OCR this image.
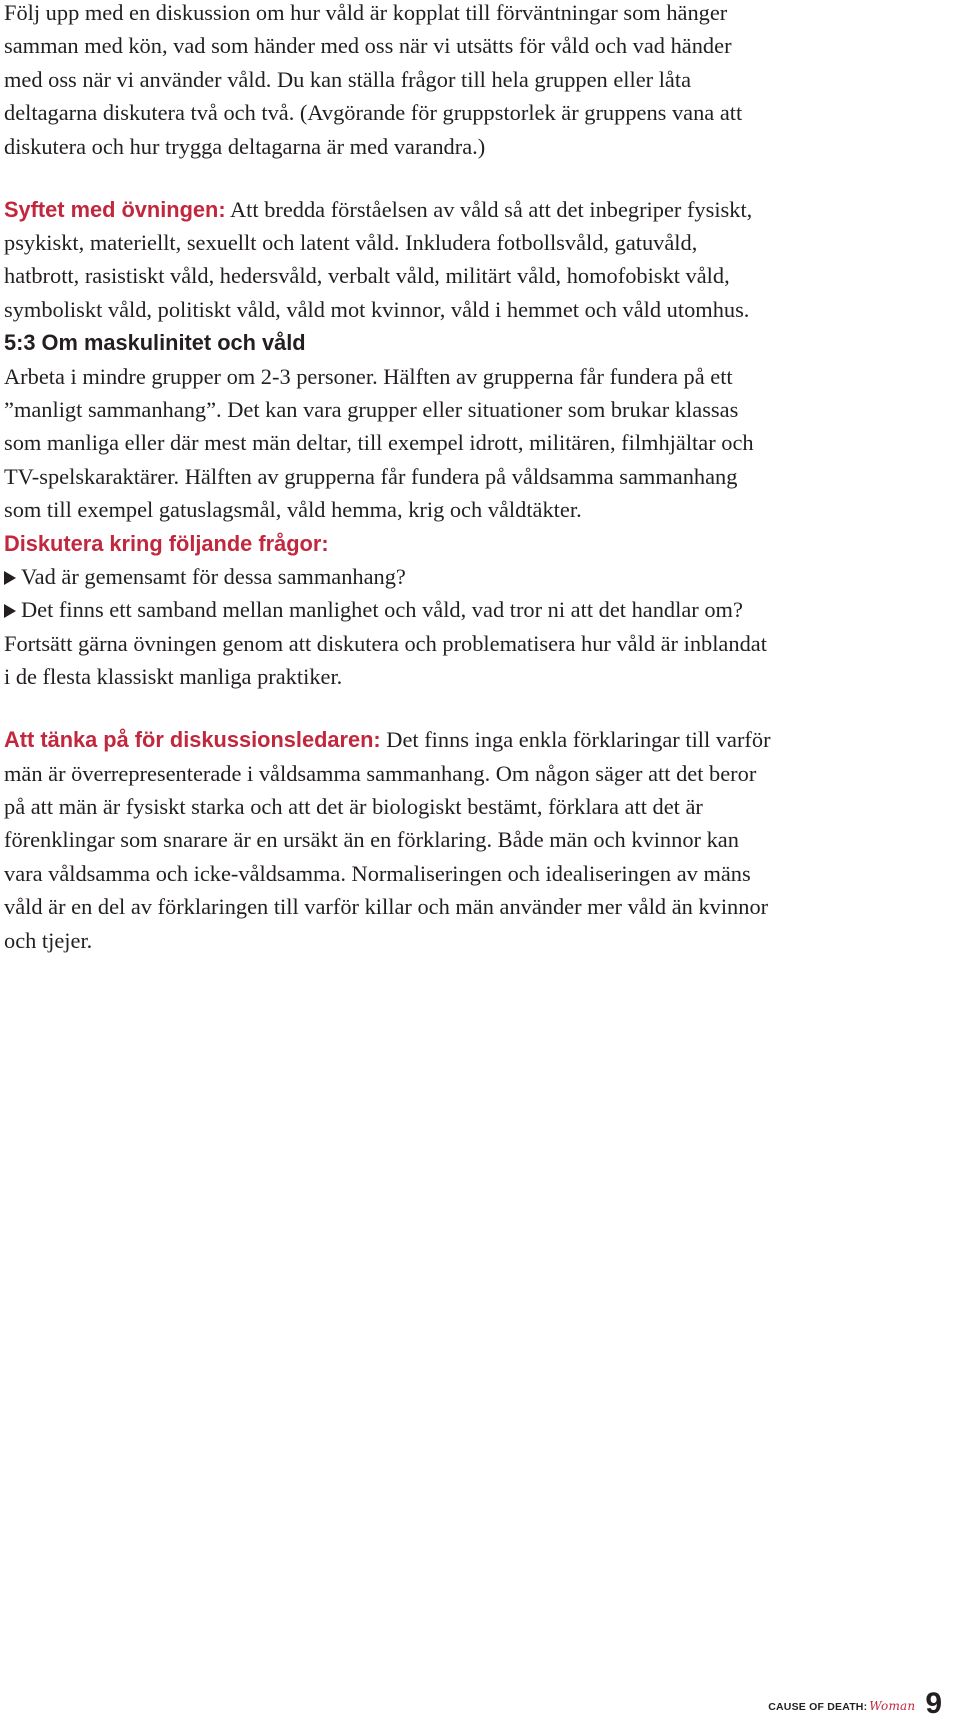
Följ upp med en diskussion om hur våld är kopplat till förväntningar som hänger samman med kön, vad som händer med oss när vi utsätts för våld och vad händer med oss när vi använder våld. Du kan ställa frågor till hela gruppen eller låta deltagarna diskutera två och två. (Avgörande för gruppstorlek är gruppens vana att diskutera och hur trygga deltagarna är med varandra.)

Syftet med övningen: Att bredda förståelsen av våld så att det inbegriper fysiskt, psykiskt, materiellt, sexuellt och latent våld. Inkludera fotbollsvåld, gatuvåld, hatbrott, rasistiskt våld, hedersvåld, verbalt våld, militärt våld, homofobiskt våld, symboliskt våld, politiskt våld, våld mot kvinnor, våld i hemmet och våld utomhus.

5:3 Om maskulinitet och våld

Arbeta i mindre grupper om 2-3 personer. Hälften av grupperna får fundera på ett ”manligt sammanhang”. Det kan vara grupper eller situationer som brukar klassas som manliga eller där mest män deltar, till exempel idrott, militären, filmhjältar och TV-spelskaraktärer. Hälften av grupperna får fundera på våldsamma sammanhang som till exempel gatuslagsmål, våld hemma, krig och våldtäkter.

Diskutera kring följande frågor:

Vad är gemensamt för dessa sammanhang?

Det finns ett samband mellan manlighet och våld, vad tror ni att det handlar om?

Fortsätt gärna övningen genom att diskutera och problematisera hur våld är inblandat i de flesta klassiskt manliga praktiker.

Att tänka på för diskussionsledaren: Det finns inga enkla förklaringar till varför män är överrepresenterade i våldsamma sammanhang. Om någon säger att det beror på att män är fysiskt starka och att det är biologiskt bestämt, förklara att det är förenklingar som snarare är en ursäkt än en förklaring. Både män och kvinnor kan vara våldsamma och icke-våldsamma. Normaliseringen och idealiseringen av mäns våld är en del av förklaringen till varför killar och män använder mer våld än kvinnor och tjejer.

CAUSE OF DEATH: Woman 9
